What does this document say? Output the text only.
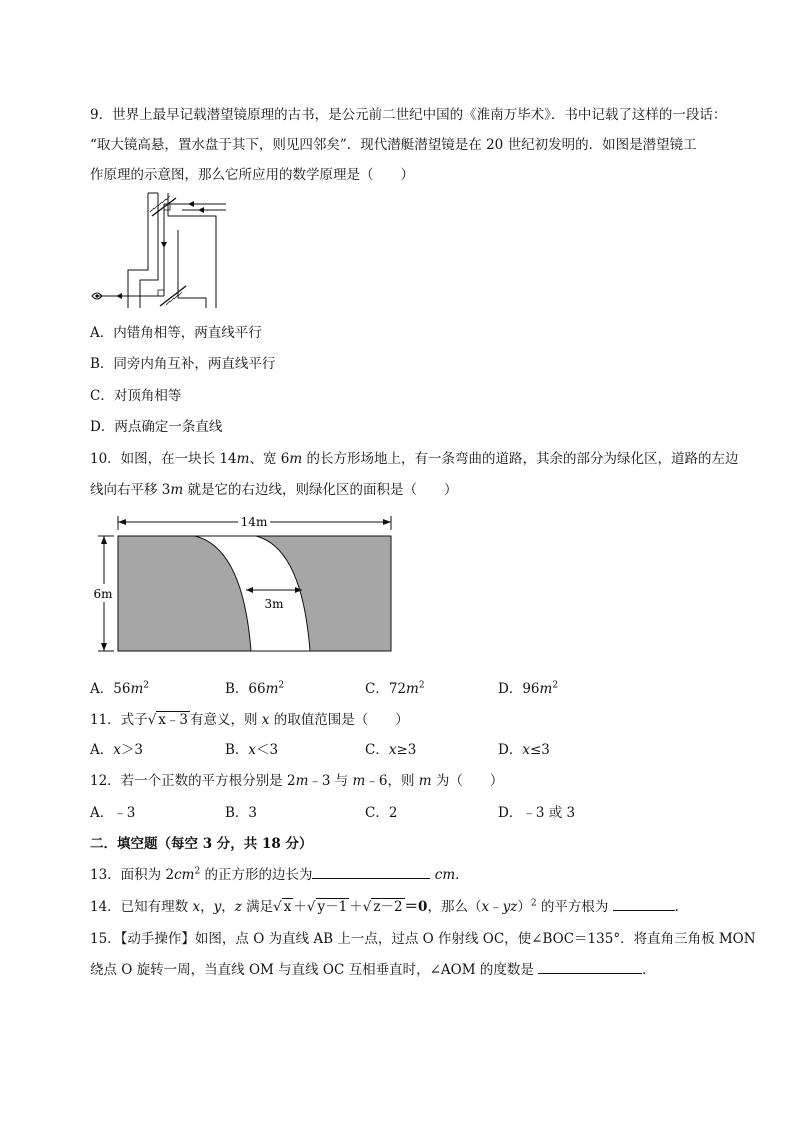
9．世界上最早记载潜望镜原理的古书，是公元前二世纪中国的《淮南万毕术》．书中记载了这样的一段话：
“取大镜高悬，置水盘于其下，则见四邻矣”．现代潜艇潜望镜是在 20 世纪初发明的．如图是潜望镜工
作原理的示意图，那么它所应用的数学原理是（　　）
A．内错角相等，两直线平行
B．同旁内角互补，两直线平行
C．对顶角相等
D．两点确定一条直线
10．如图，在一块长 14m、宽 6m 的长方形场地上，有一条弯曲的道路，其余的部分为绿化区，道路的左边
线向右平移 3m 就是它的右边线，则绿化区的面积是（　　）
14m
6m
3m
A．$56m^2$	B．$66m^2$	C．$72m^2$	D．$96m^2$
11．式子√ x﹣3 有意义，则 x 的取值范围是（　　）
A．x＞3	B．x＜3	C．x≥3	D．x≤3
12．若一个正数的平方根分别是 2m﹣3 与 m﹣6，则 m 为（　　）
A．﹣3	B．3	C．2	D．﹣3 或 3
二．填空题（每空 3 分，共 18 分）
13．面积为 $2cm^2$ 的正方形的边长为	cm．
14．已知有理数 x，y，z 满足√ x ＋√ y－1 ＋√ z－2 ＝0，那么（x﹣yz）$^2$ 的平方根为	．
15．【动手操作】如图，点 O 为直线 AB 上一点，过点 O 作射线 OC，使∠BOC＝135°．将直角三角板 MON
绕点 O 旋转一周，当直线 OM 与直线 OC 互相垂直时，∠AOM 的度数是	．
